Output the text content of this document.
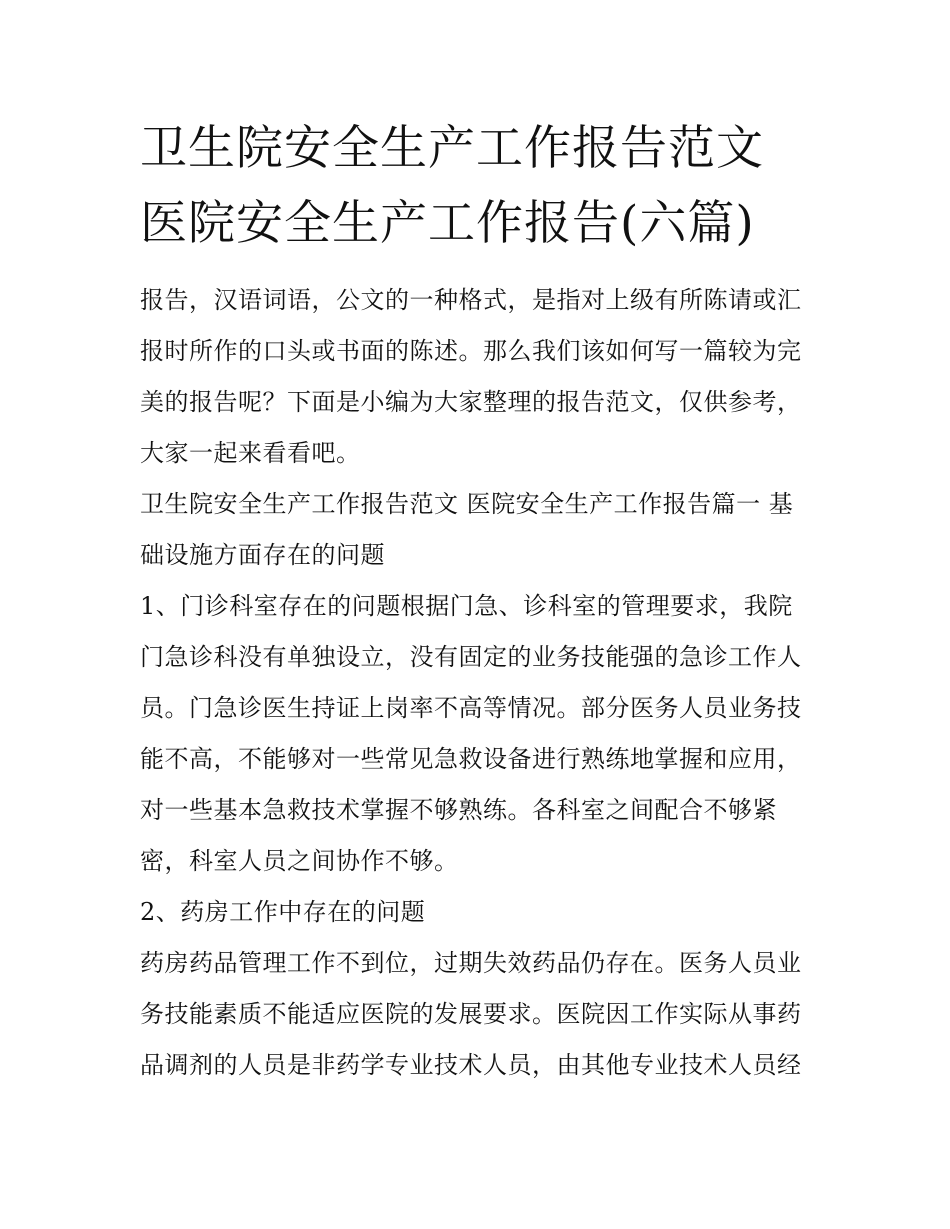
卫生院安全生产工作报告范文
医院安全生产工作报告(六篇)
报告，汉语词语，公文的一种格式，是指对上级有所陈请或汇
报时所作的口头或书面的陈述。那么我们该如何写一篇较为完
美的报告呢？下面是小编为大家整理的报告范文，仅供参考，
大家一起来看看吧。
卫生院安全生产工作报告范文 医院安全生产工作报告篇一 基
础设施方面存在的问题
1、门诊科室存在的问题根据门急、诊科室的管理要求，我院
门急诊科没有单独设立，没有固定的业务技能强的急诊工作人
员。门急诊医生持证上岗率不高等情况。部分医务人员业务技
能不高，不能够对一些常见急救设备进行熟练地掌握和应用，
对一些基本急救技术掌握不够熟练。各科室之间配合不够紧
密，科室人员之间协作不够。
2、药房工作中存在的问题
药房药品管理工作不到位，过期失效药品仍存在。医务人员业
务技能素质不能适应医院的发展要求。医院因工作实际从事药
品调剂的人员是非药学专业技术人员，由其他专业技术人员经
